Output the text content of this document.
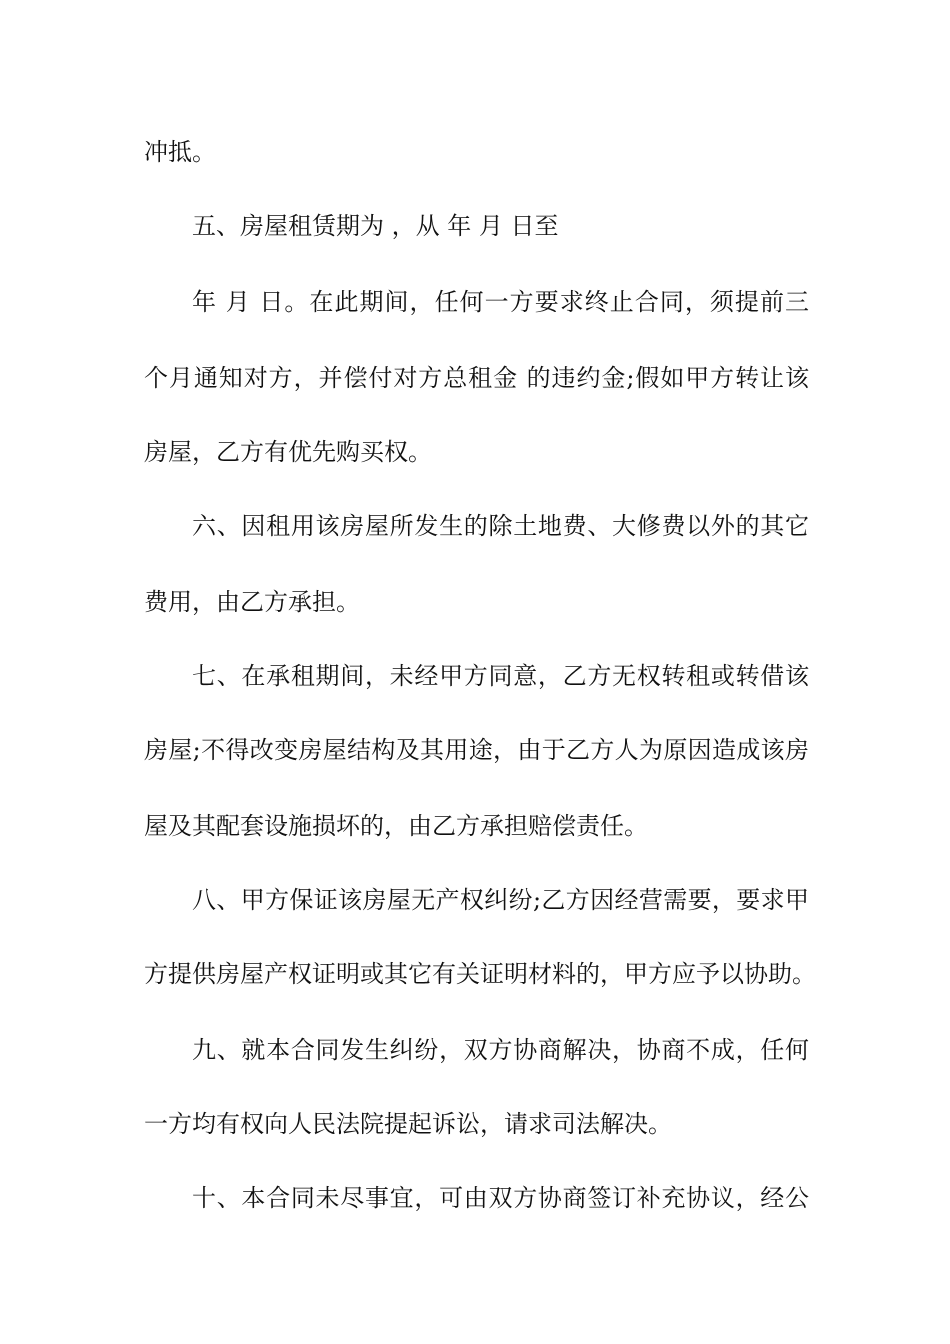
冲抵。
五、房屋租赁期为 ，从 年 月 日至
年 月 日。在此期间，任何一方要求终止合同，须提前三
个月通知对方，并偿付对方总租金 的违约金;假如甲方转让该
房屋，乙方有优先购买权。
六、因租用该房屋所发生的除土地费、大修费以外的其它
费用，由乙方承担。
七、在承租期间，未经甲方同意，乙方无权转租或转借该
房屋;不得改变房屋结构及其用途，由于乙方人为原因造成该房
屋及其配套设施损坏的，由乙方承担赔偿责任。
八、甲方保证该房屋无产权纠纷;乙方因经营需要，要求甲
方提供房屋产权证明或其它有关证明材料的，甲方应予以协助。
九、就本合同发生纠纷，双方协商解决，协商不成，任何
一方均有权向人民法院提起诉讼，请求司法解决。
十、本合同未尽事宜，可由双方协商签订补充协议，经公
